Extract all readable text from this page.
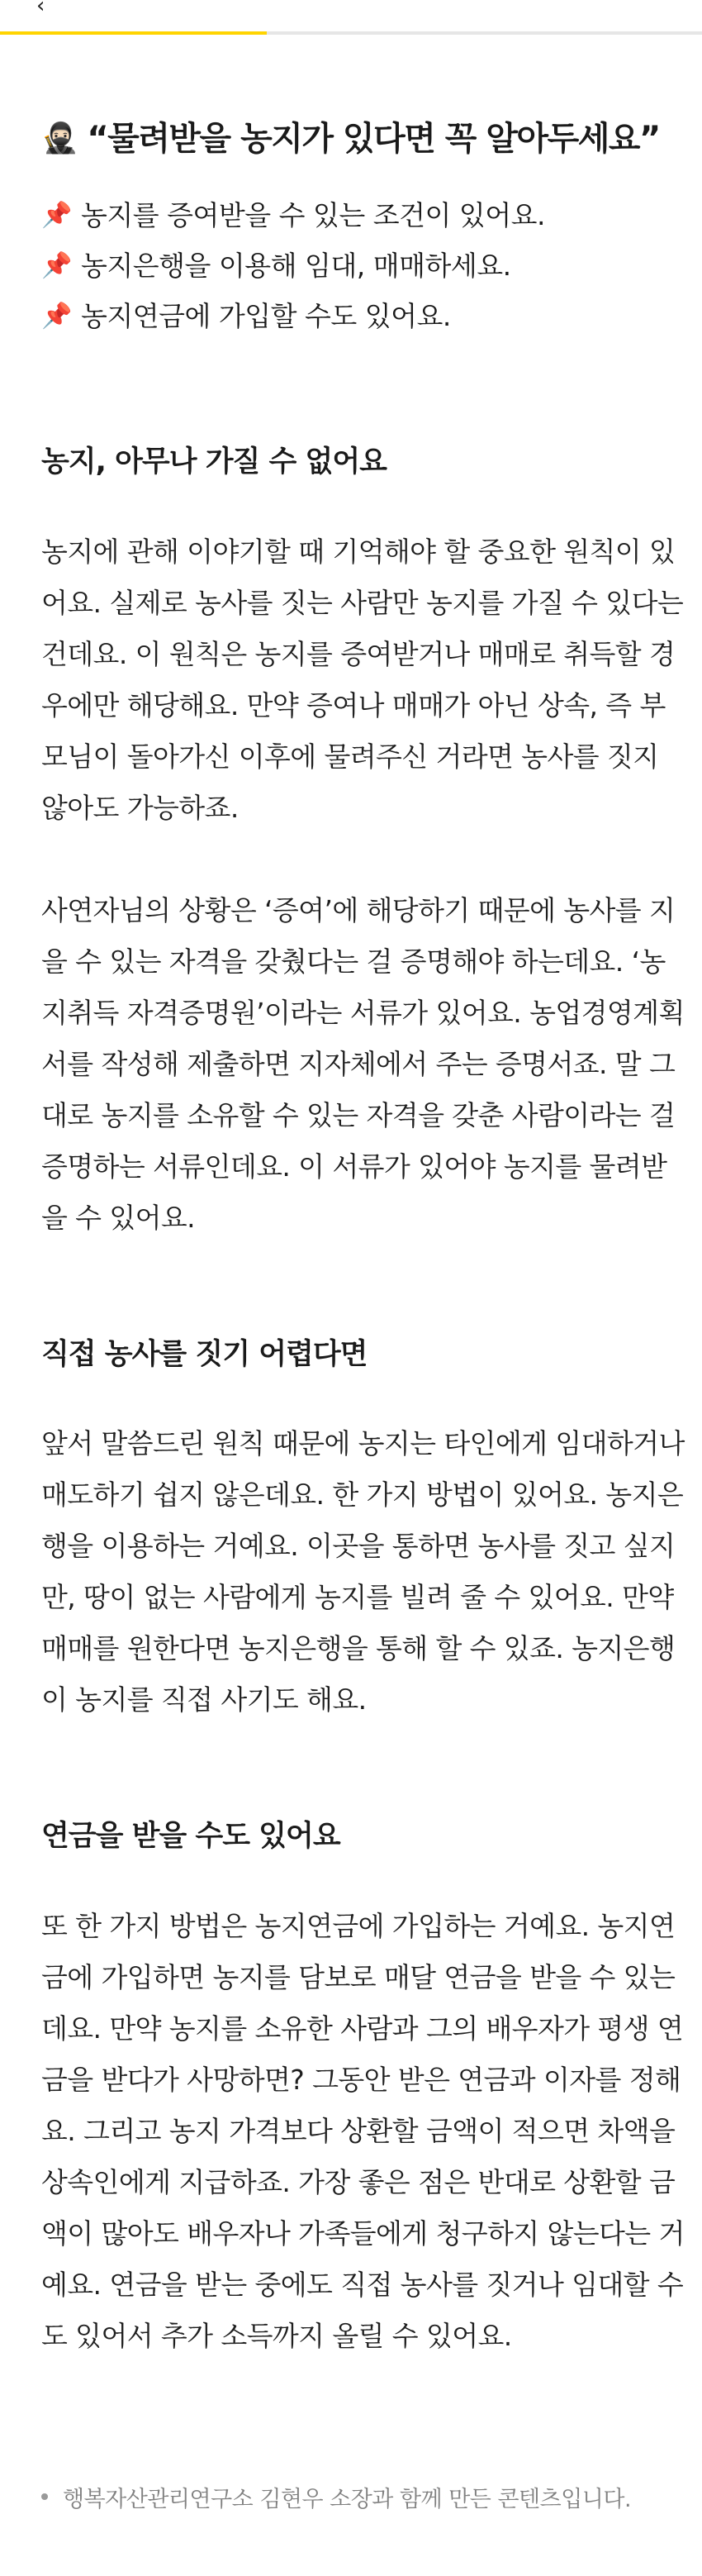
‹
🥷🏻 “물려받을 농지가 있다면 꼭 알아두세요”
📌 농지를 증여받을 수 있는 조건이 있어요.
📌 농지은행을 이용해 임대, 매매하세요.
📌 농지연금에 가입할 수도 있어요.
농지, 아무나 가질 수 없어요

농지에 관해 이야기할 때 기억해야 할 중요한 원칙이 있
어요. 실제로 농사를 짓는 사람만 농지를 가질 수 있다는
건데요. 이 원칙은 농지를 증여받거나 매매로 취득할 경
우에만 해당해요. 만약 증여나 매매가 아닌 상속, 즉 부
모님이 돌아가신 이후에 물려주신 거라면 농사를 짓지
않아도 가능하죠.

사연자님의 상황은 ‘증여’에 해당하기 때문에 농사를 지
을 수 있는 자격을 갖췄다는 걸 증명해야 하는데요. ‘농
지취득 자격증명원’이라는 서류가 있어요. 농업경영계획
서를 작성해 제출하면 지자체에서 주는 증명서죠. 말 그
대로 농지를 소유할 수 있는 자격을 갖춘 사람이라는 걸
증명하는 서류인데요. 이 서류가 있어야 농지를 물려받
을 수 있어요.

직접 농사를 짓기 어렵다면

앞서 말씀드린 원칙 때문에 농지는 타인에게 임대하거나
매도하기 쉽지 않은데요. 한 가지 방법이 있어요. 농지은
행을 이용하는 거예요. 이곳을 통하면 농사를 짓고 싶지
만, 땅이 없는 사람에게 농지를 빌려 줄 수 있어요. 만약
매매를 원한다면 농지은행을 통해 할 수 있죠. 농지은행
이 농지를 직접 사기도 해요.

연금을 받을 수도 있어요

또 한 가지 방법은 농지연금에 가입하는 거예요. 농지연
금에 가입하면 농지를 담보로 매달 연금을 받을 수 있는
데요. 만약 농지를 소유한 사람과 그의 배우자가 평생 연
금을 받다가 사망하면? 그동안 받은 연금과 이자를 정해
요. 그리고 농지 가격보다 상환할 금액이 적으면 차액을
상속인에게 지급하죠. 가장 좋은 점은 반대로 상환할 금
액이 많아도 배우자나 가족들에게 청구하지 않는다는 거
예요. 연금을 받는 중에도 직접 농사를 짓거나 임대할 수
도 있어서 추가 소득까지 올릴 수 있어요.

행복자산관리연구소 김현우 소장과 함께 만든 콘텐츠입니다.
